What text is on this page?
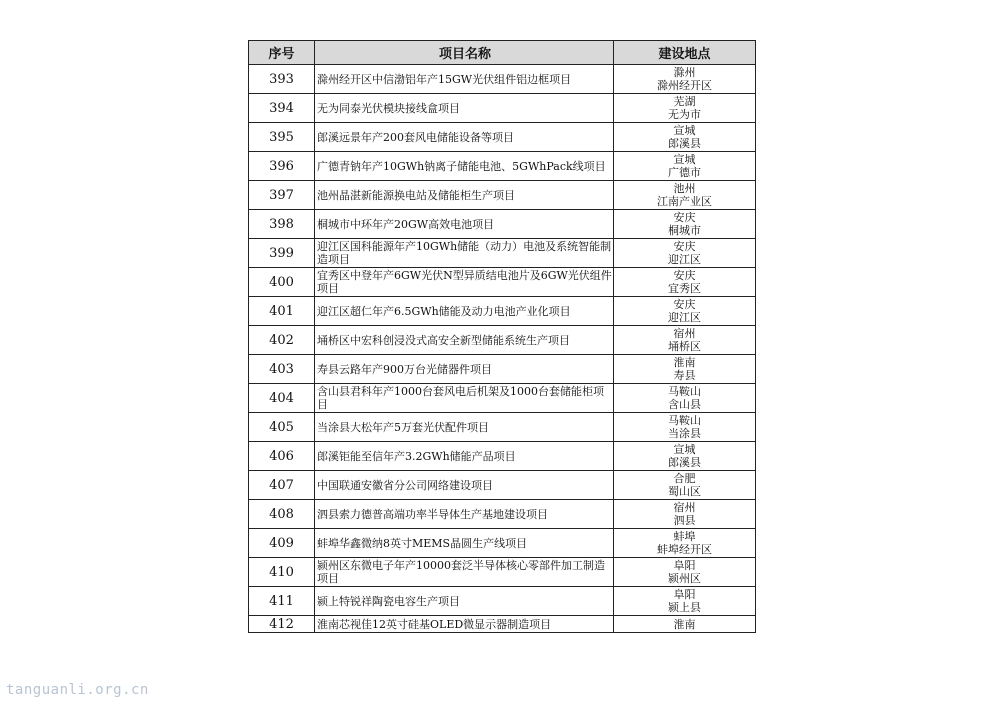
序号	项目名称	建设地点
393	滁州经开区中信渤铝年产15GW光伏组件铝边框项目	滁州
滁州经开区

394	无为同泰光伏模块接线盒项目	芜湖
无为市

395	郎溪远景年产200套风电储能设备等项目	宣城
郎溪县

396	广德青钠年产10GWh钠离子储能电池、5GWhPack线项目	宣城
广德市

397	池州晶湛新能源换电站及储能柜生产项目	池州
江南产业区

398	桐城市中环年产20GW高效电池项目	安庆
桐城市

399	迎江区国科能源年产10GWh储能（动力）电池及系统智能制造项目	安庆
迎江区

400	宜秀区中登年产6GW光伏N型异质结电池片及6GW光伏组件项目	安庆
宜秀区

401	迎江区超仁年产6.5GWh储能及动力电池产业化项目	安庆
迎江区

402	埇桥区中宏科创浸没式高安全新型储能系统生产项目	宿州
埇桥区

403	寿县云路年产900万台光储器件项目	淮南
寿县

404	含山县君科年产1000台套风电后机架及1000台套储能柜项目	马鞍山
含山县

405	当涂县大松年产5万套光伏配件项目	马鞍山
当涂县

406	郎溪钜能至信年产3.2GWh储能产品项目	宣城
郎溪县

407	中国联通安徽省分公司网络建设项目	合肥
蜀山区

408	泗县索力德普高端功率半导体生产基地建设项目	宿州
泗县

409	蚌埠华鑫微纳8英寸MEMS晶圆生产线项目	蚌埠
蚌埠经开区

410	颍州区东微电子年产10000套泛半导体核心零部件加工制造项目	阜阳
颍州区

411	颍上特锐祥陶瓷电容生产项目	阜阳
颍上县

412	淮南芯视佳12英寸硅基OLED微显示器制造项目	淮南
tanguanli.org.cn
